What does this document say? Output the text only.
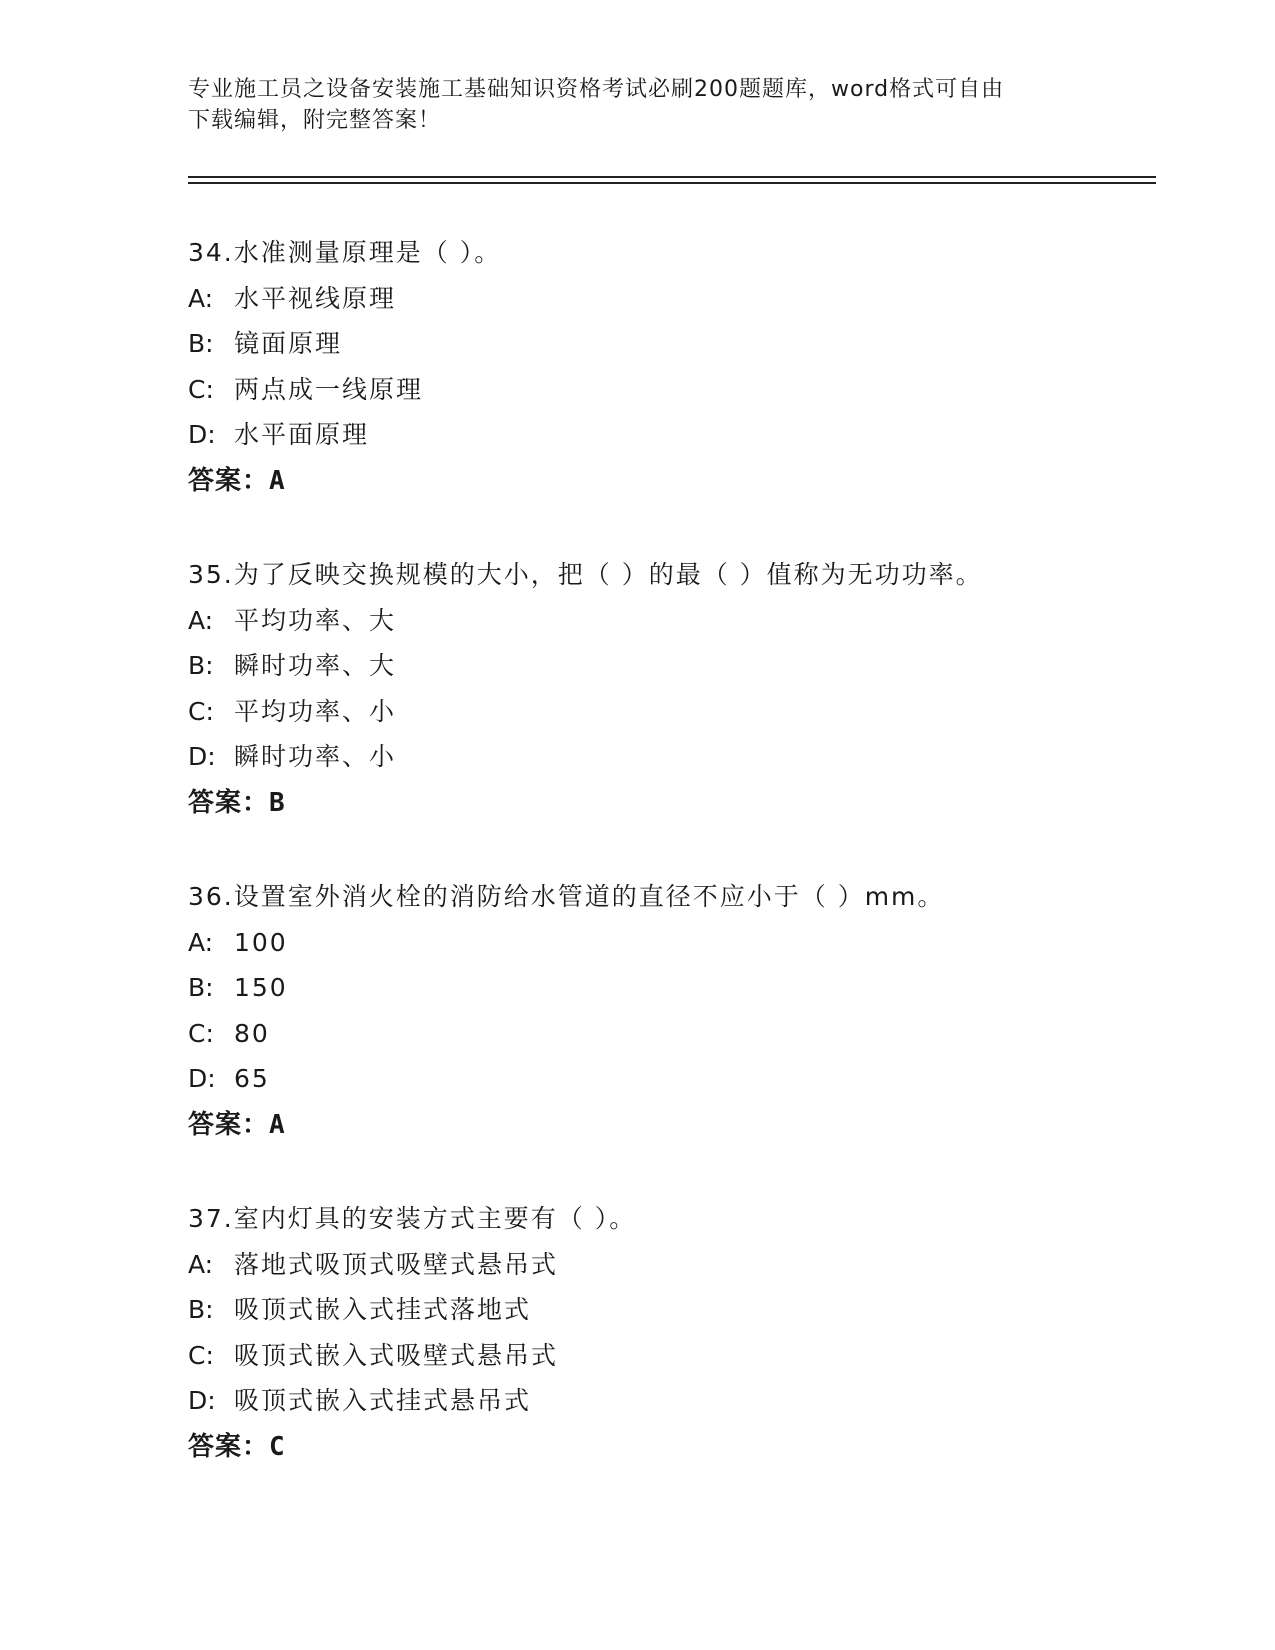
专业施工员之设备安装施工基础知识资格考试必刷200题题库，word格式可自由
下载编辑，附完整答案！
34.水准测量原理是（ ）。
A: 水平视线原理
B: 镜面原理
C: 两点成一线原理
D: 水平面原理
答案：A
35.为了反映交换规模的大小，把（ ）的最（ ）值称为无功功率。
A: 平均功率、大
B: 瞬时功率、大
C: 平均功率、小
D: 瞬时功率、小
答案：B
36.设置室外消火栓的消防给水管道的直径不应小于（ ）mm。
A: 100
B: 150
C: 80
D: 65
答案：A
37.室内灯具的安装方式主要有（ ）。
A: 落地式吸顶式吸壁式悬吊式
B: 吸顶式嵌入式挂式落地式
C: 吸顶式嵌入式吸壁式悬吊式
D: 吸顶式嵌入式挂式悬吊式
答案：C
